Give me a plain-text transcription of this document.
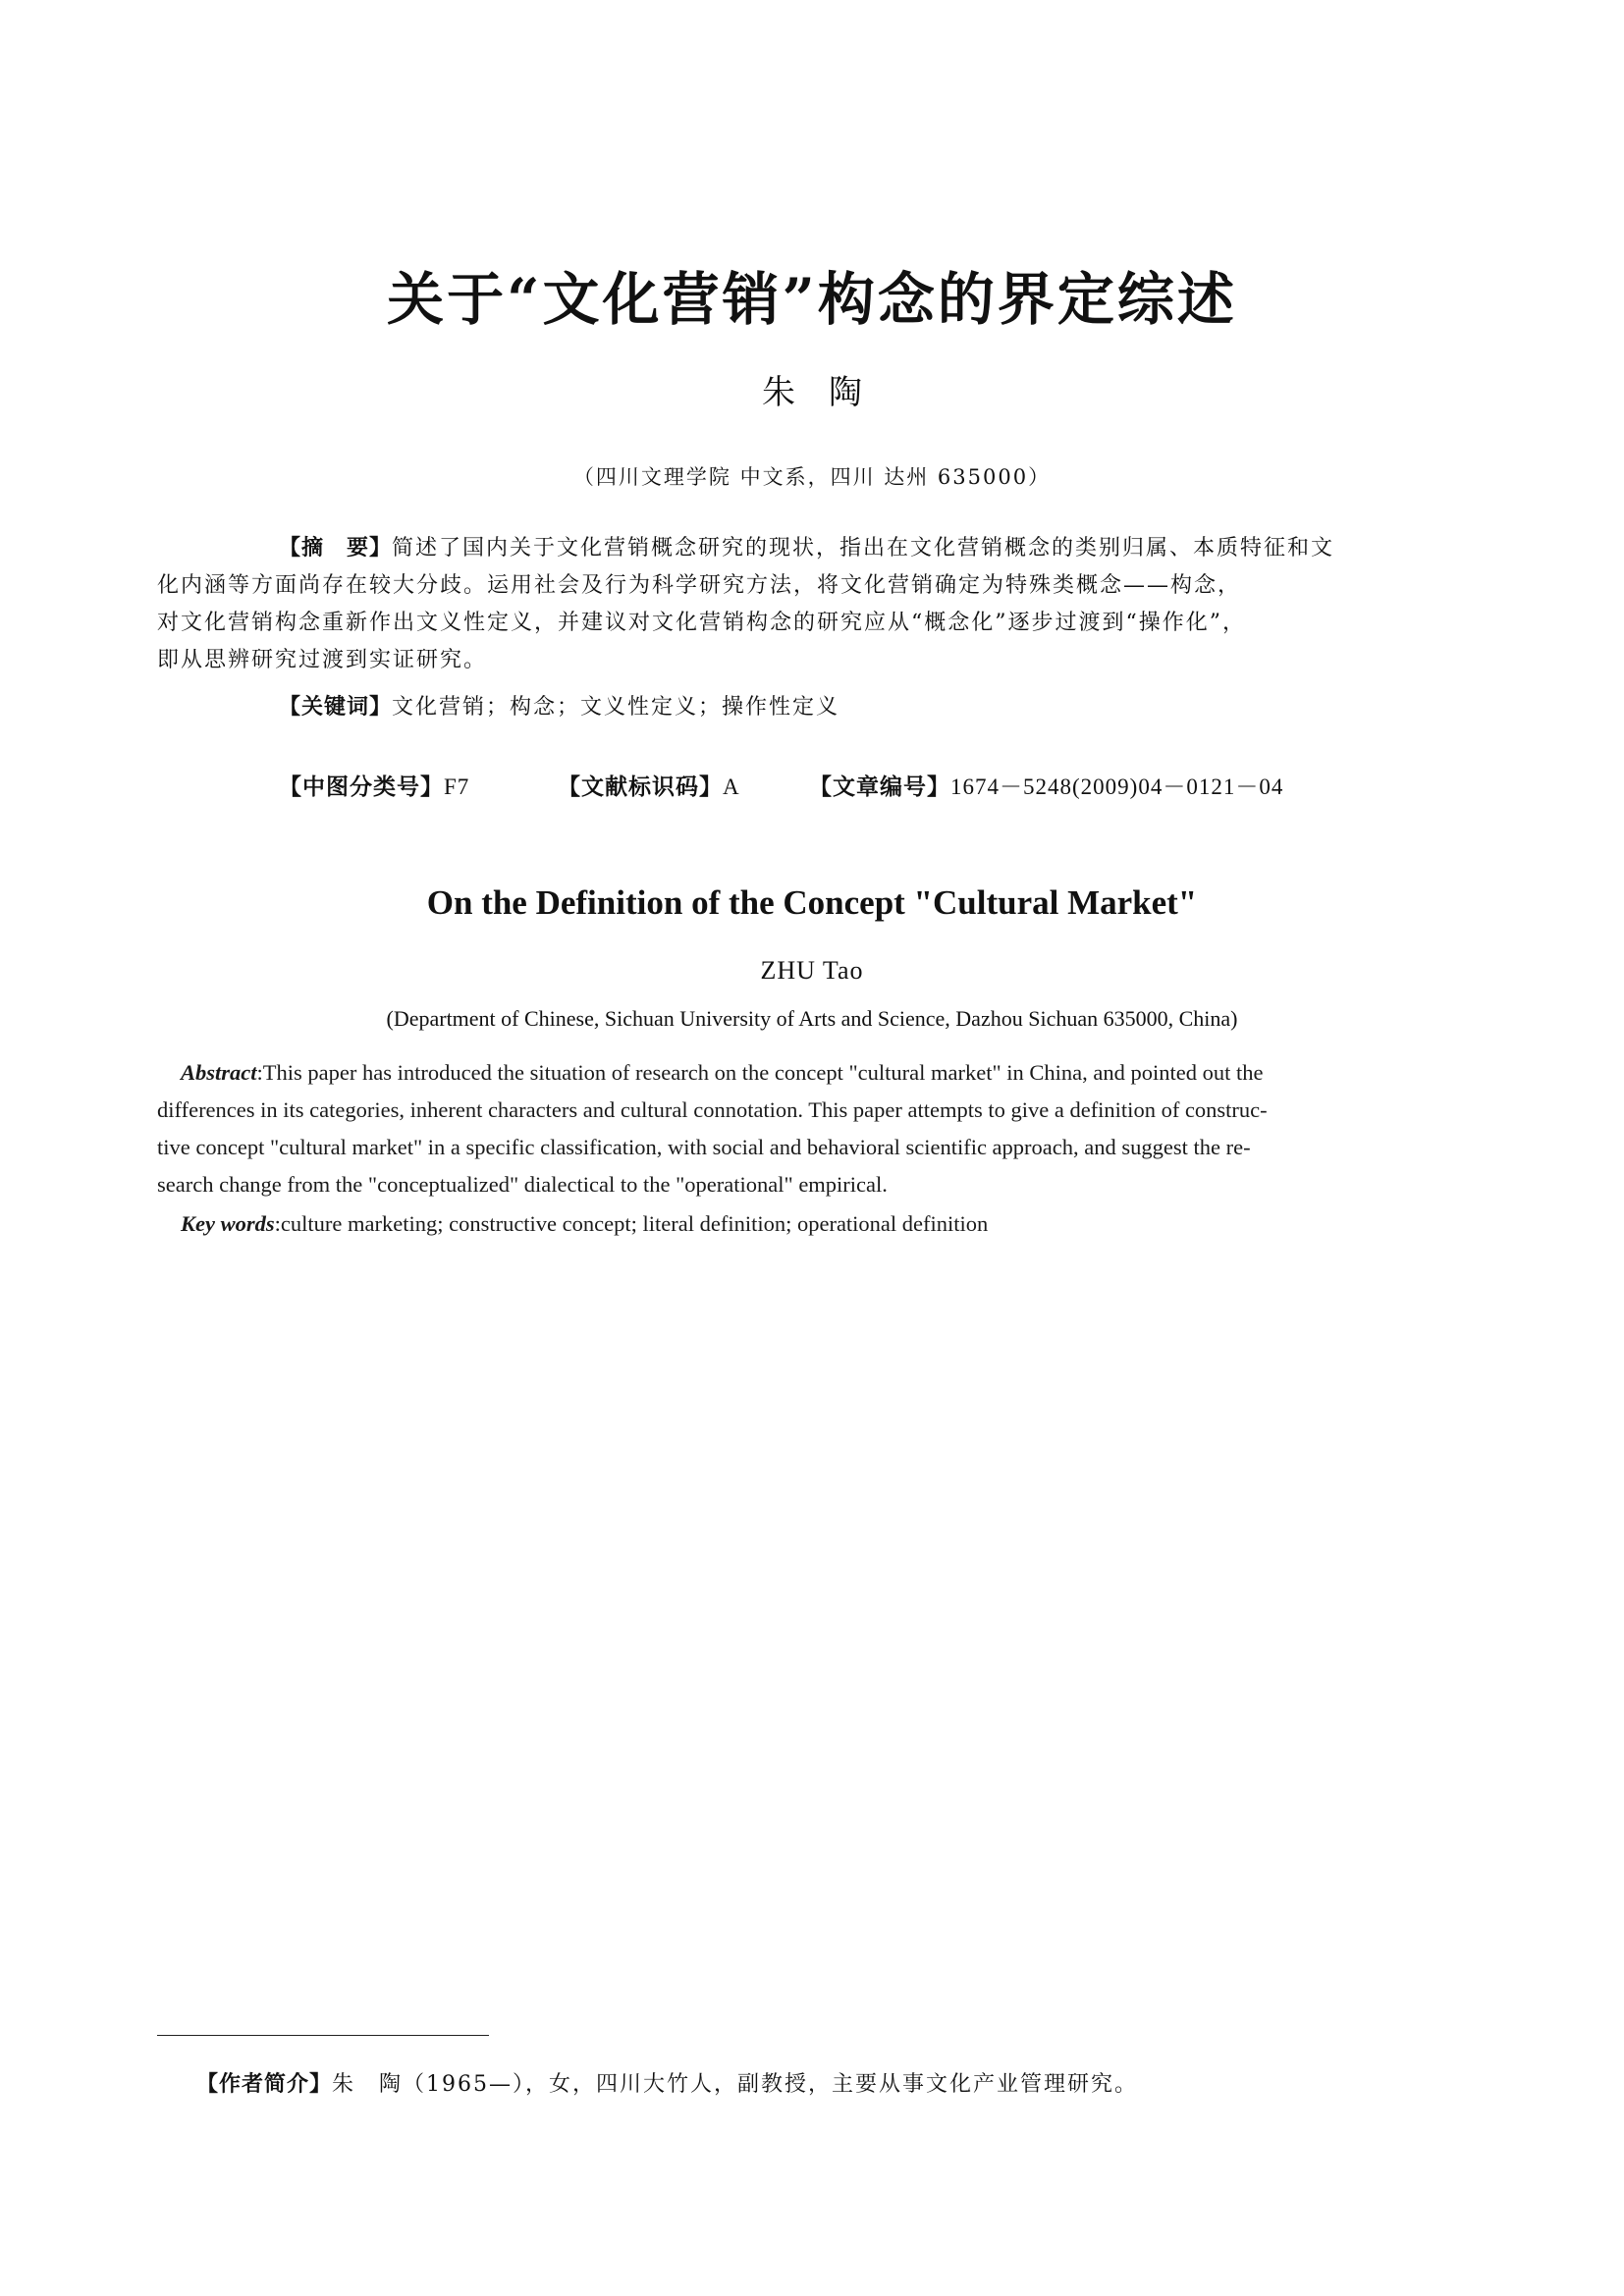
关于“文化营销”构念的界定综述
朱陶
（四川文理学院 中文系，四川 达州 635000）
【摘　要】简述了国内关于文化营销概念研究的现状，指出在文化营销概念的类别归属、本质特征和文
化内涵等方面尚存在较大分歧。运用社会及行为科学研究方法，将文化营销确定为特殊类概念——构念，
对文化营销构念重新作出文义性定义，并建议对文化营销构念的研究应从“概念化”逐步过渡到“操作化”，
即从思辨研究过渡到实证研究。
【关键词】文化营销；构念；文义性定义；操作性定义
【中图分类号】F7	【文献标识码】A	【文章编号】1674－5248(2009)04－0121－04
On the Definition of the Concept "Cultural Market"
ZHU Tao
(Department of Chinese, Sichuan University of Arts and Science, Dazhou Sichuan 635000, China)
Abstract:This paper has introduced the situation of research on the concept "cultural market" in China, and pointed out the
differences in its categories, inherent characters and cultural connotation. This paper attempts to give a definition of construc-
tive concept "cultural market" in a specific classification, with social and behavioral scientific approach, and suggest the re-
search change from the "conceptualized" dialectical to the "operational" empirical.
Key words:culture marketing; constructive concept; literal definition; operational definition
【作者简介】朱　陶（1965—），女，四川大竹人，副教授，主要从事文化产业管理研究。
